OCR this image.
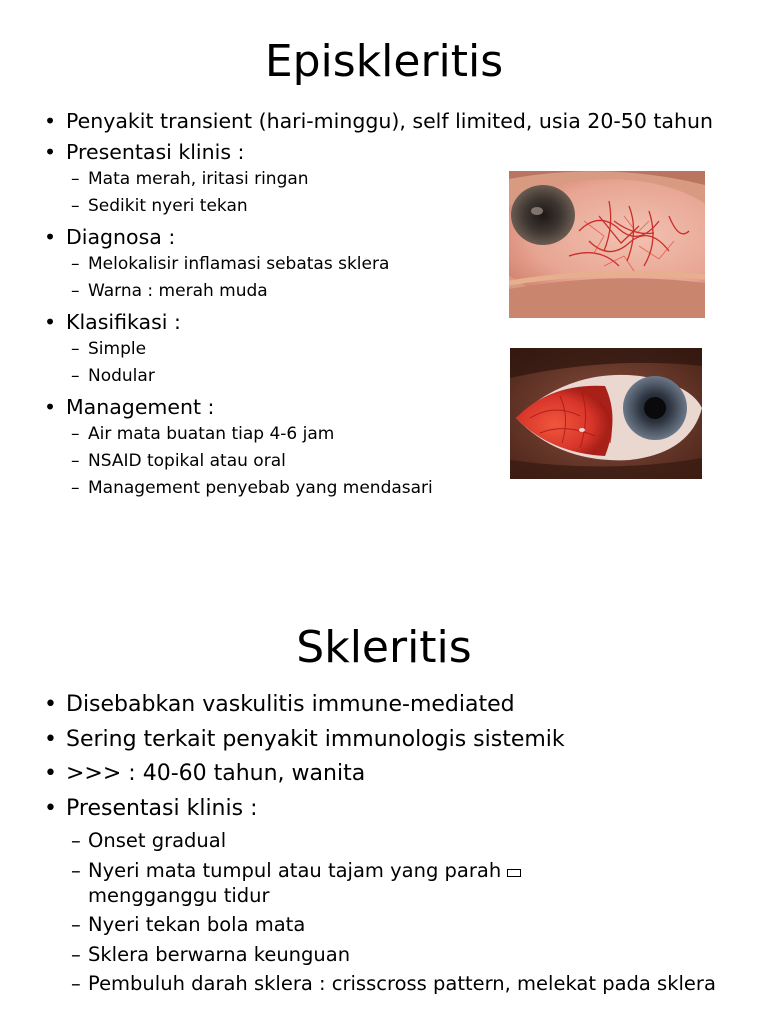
Episkleritis
• Penyakit transient (hari-minggu), self limited, usia 20-50 tahun
• Presentasi klinis :
– Mata merah, iritasi ringan
– Sedikit nyeri tekan
• Diagnosa :
– Melokalisir inflamasi sebatas sklera
– Warna : merah muda
• Klasifikasi :
– Simple
– Nodular
• Management :
– Air mata buatan tiap 4-6 jam
– NSAID topikal atau oral
– Management penyebab yang mendasari
Skleritis
• Disebabkan vaskulitis immune-mediated
• Sering terkait penyakit immunologis sistemik
• >>> : 40-60 tahun, wanita
• Presentasi klinis :
– Onset gradual
– Nyeri mata tumpul atau tajam yang parah
mengganggu tidur
– Nyeri tekan bola mata
– Sklera berwarna keunguan
– Pembuluh darah sklera : crisscross pattern, melekat pada sklera
